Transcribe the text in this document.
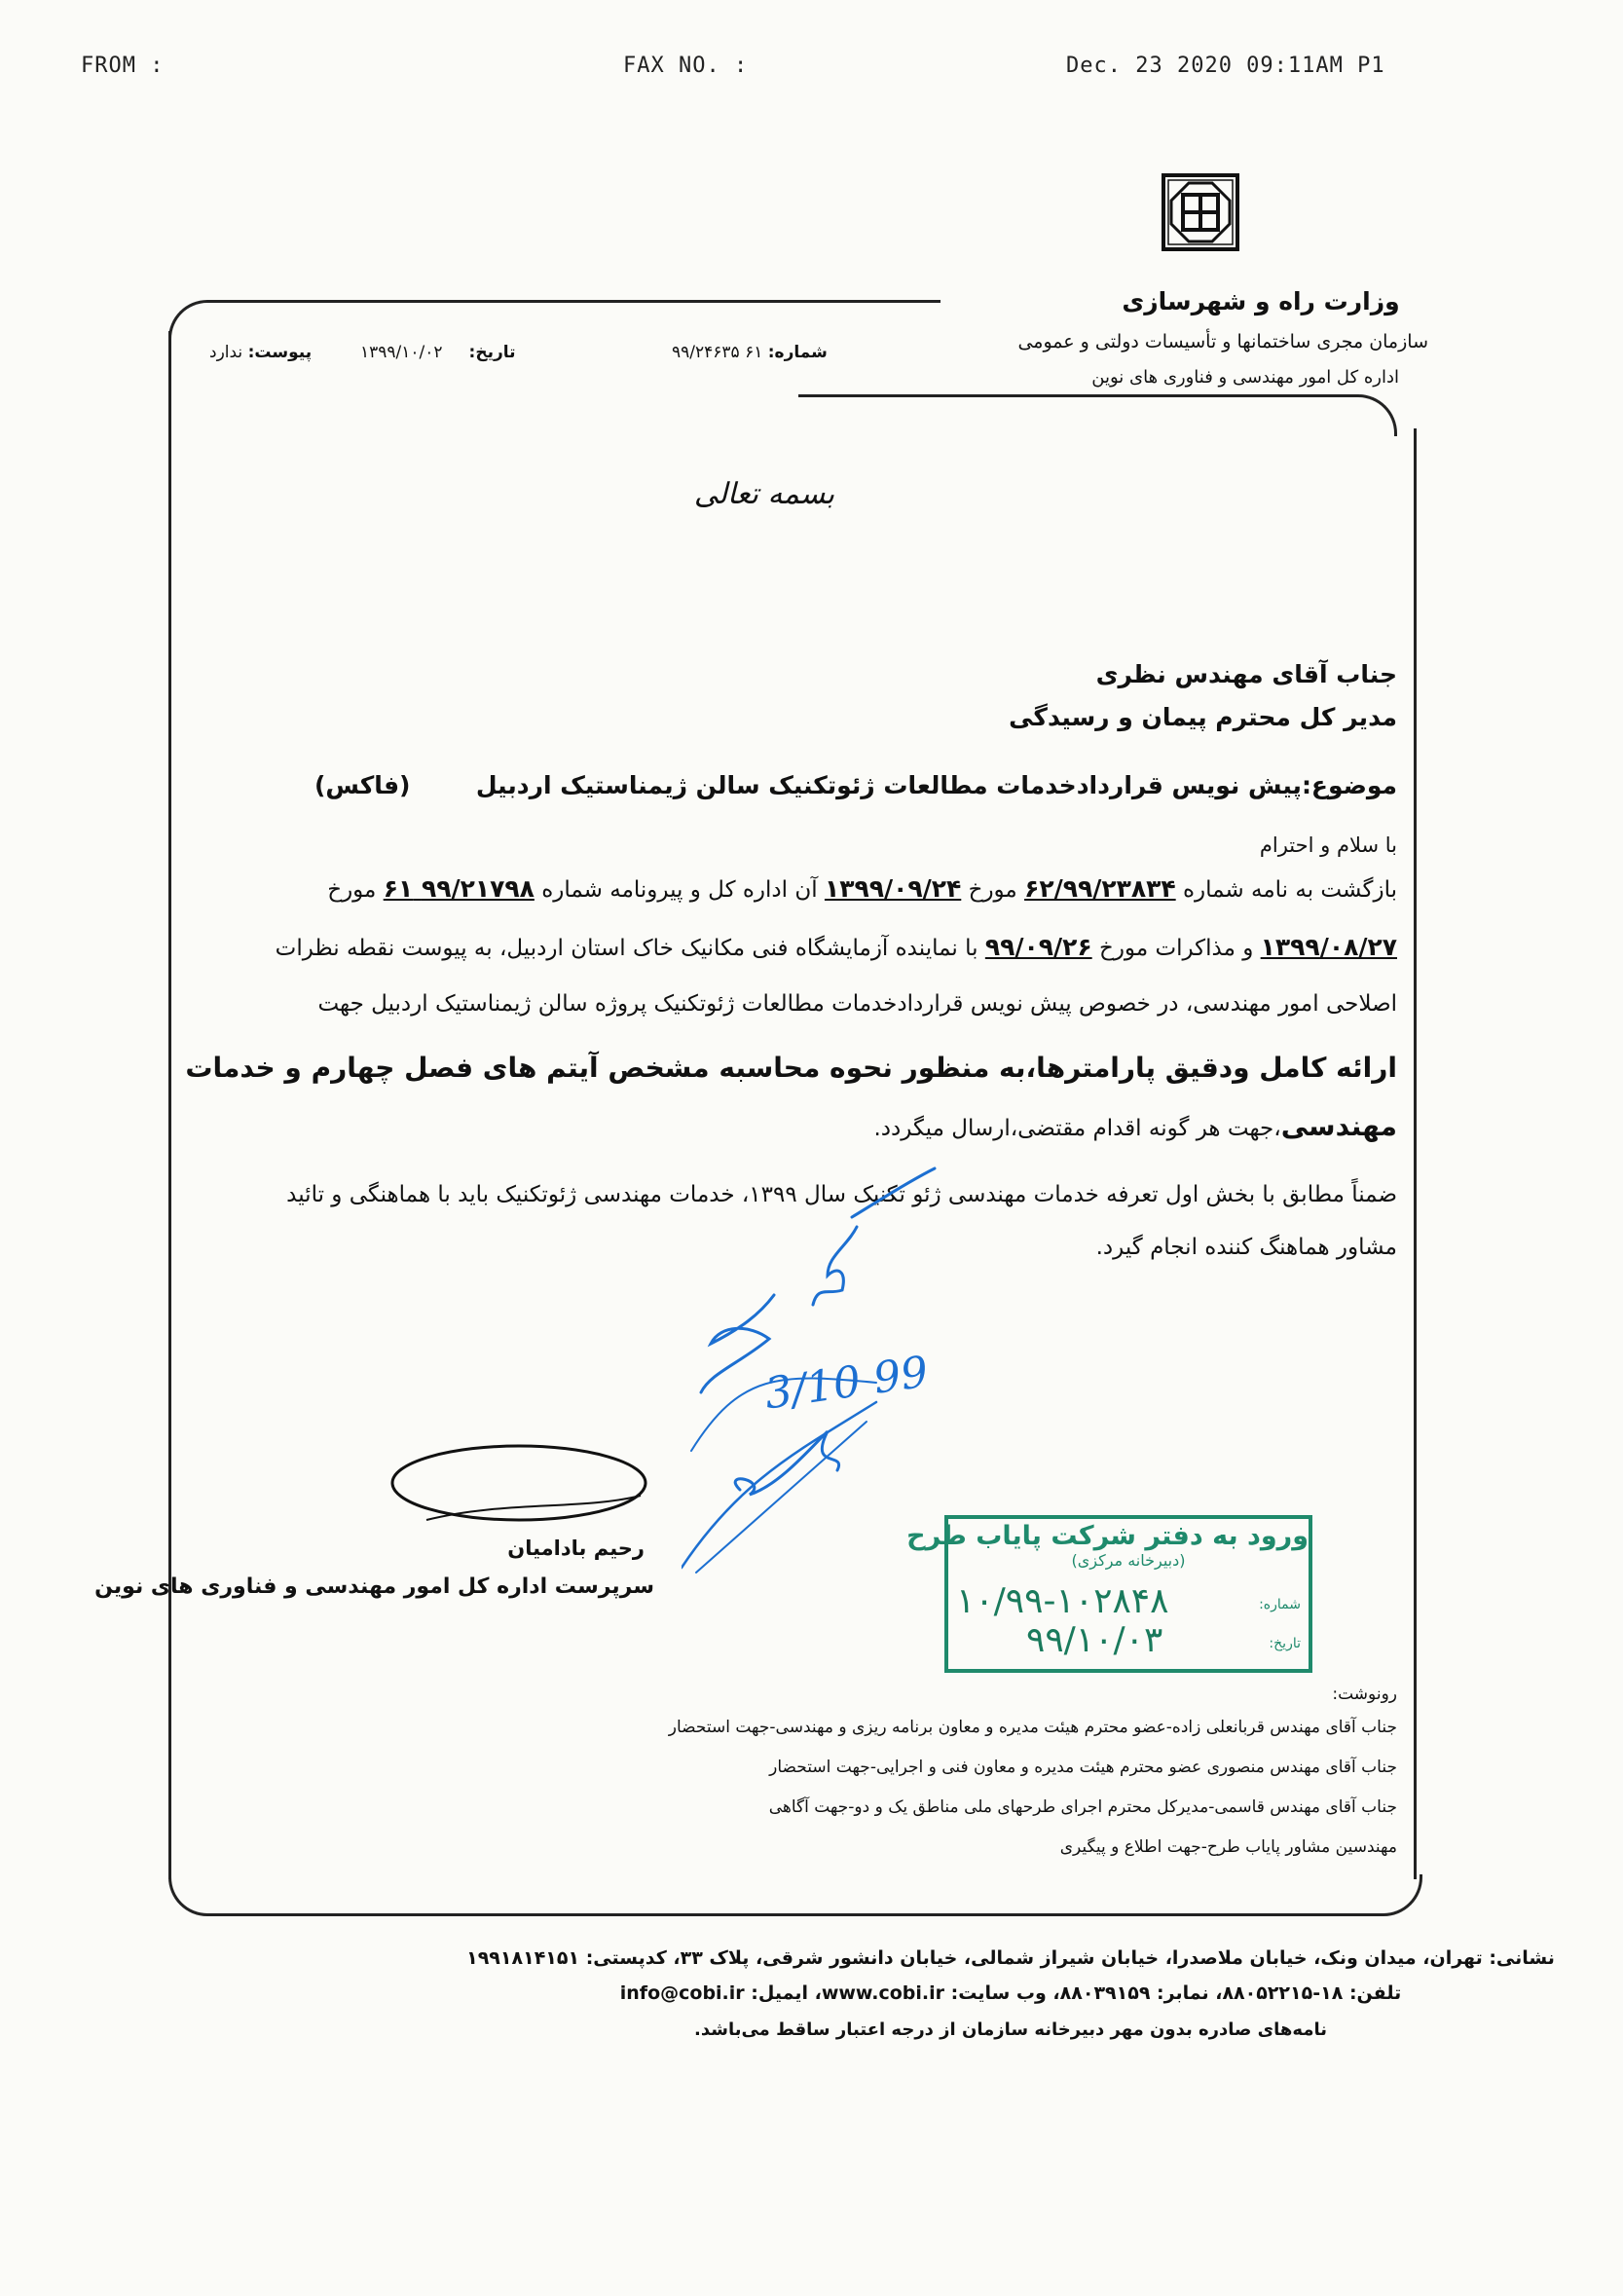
FROM :	FAX NO. :	Dec. 23 2020 09:11AM P1
وزارت راه و شهرسازی
سازمان مجری ساختمانها و تأسیسات دولتی و عمومی
اداره کل امور مهندسی و فناوری های نوین
شماره: ۶۱ ۹۹/۲۴۶۳۵
تاریخ:     ۱۳۹۹/۱۰/۰۲
پیوست: ندارد
بسمه تعالی
جناب آقای مهندس نظری
مدیر کل محترم پیمان و رسیدگی
موضوع:پیش نویس قراردادخدمات مطالعات ژئوتکنیک سالن ژیمناستیک اردبیل
(فاکس)
با سلام و احترام
بازگشت به نامه شماره ۶۲/۹۹/۲۳۸۳۴ مورخ ۱۳۹۹/۰۹/۲۴ آن اداره کل و پیرونامه شماره ۹۹/۲۱۷۹۸ ۶۱ مورخ
۱۳۹۹/۰۸/۲۷ و مذاکرات مورخ ۹۹/۰۹/۲۶ با نماینده آزمایشگاه فنی مکانیک خاک استان اردبیل، به پیوست نقطه نظرات
اصلاحی امور مهندسی، در خصوص پیش نویس قراردادخدمات مطالعات ژئوتکنیک پروژه سالن ژیمناستیک اردبیل جهت
ارائه کامل ودقیق پارامترها،به منظور نحوه محاسبه مشخص آیتم های فصل چهارم و خدمات
مهندسی،جهت هر گونه اقدام مقتضی،ارسال میگردد.
ضمناً مطابق با بخش اول تعرفه خدمات مهندسی ژئو تکنیک سال ۱۳۹۹، خدمات مهندسی ژئوتکنیک باید با هماهنگی و تائید
مشاور هماهنگ کننده انجام گیرد.
3/10 99
رحیم بادامیان
سرپرست اداره کل امور مهندسی و فناوری های نوین
ورود به دفتر شرکت پایاب طرح
(دبیرخانه مرکزی)
شماره:
۱۰/۹۹-۱۰۲۸۴۸
تاریخ:
۹۹/۱۰/۰۳
رونوشت:
جناب آقای مهندس قربانعلی زاده-عضو محترم هیئت مدیره و معاون برنامه ریزی و مهندسی-جهت استحضار
جناب آقای مهندس منصوری عضو محترم هیئت مدیره و معاون فنی و اجرایی-جهت استحضار
جناب آقای مهندس قاسمی-مدیرکل محترم اجرای طرحهای ملی مناطق یک و دو-جهت آگاهی
مهندسین مشاور پایاب طرح-جهت اطلاع و پیگیری
نشانی: تهران، میدان ونک، خیابان ملاصدرا، خیابان شیراز شمالی، خیابان دانشور شرقی، پلاک ۳۳، کدپستی: ۱۹۹۱۸۱۴۱۵۱
تلفن: ۱۸-۸۸۰۵۲۲۱۵، نمابر: ۸۸۰۳۹۱۵۹، وب سایت: www.cobi.ir، ایمیل: info@cobi.ir
نامه‌های صادره بدون مهر دبیرخانه سازمان از درجه اعتبار ساقط می‌باشد.
